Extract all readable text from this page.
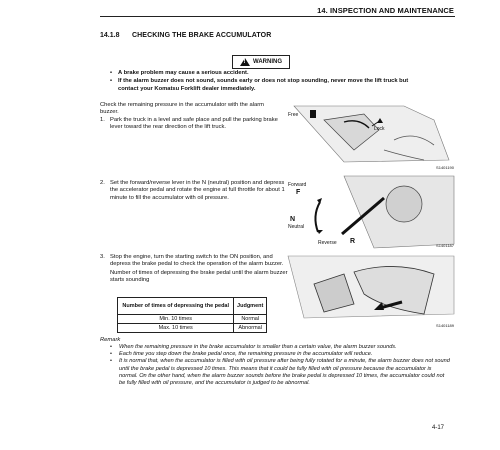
14. INSPECTION AND MAINTENANCE
14.1.8 CHECKING THE BRAKE ACCUMULATOR
!
WARNING
• A brake problem may cause a serious accident.
• If the alarm buzzer does not sound, sounds early or does not stop sounding, never move the lift truck but contact your Komatsu Forklift dealer immediately.
Check the remaining pressure in the accumulator with the alarm buzzer.
1. Park the truck in a level and safe place and pull the parking brake lever toward the rear direction of the lift truck.
2. Set the forward/reverse lever in the N (neutral) position and depress the accelerator pedal and rotate the engine at full throttle for about 1 minute to fill the accumulator with oil pressure.
3. Stop the engine, turn the starting switch to the ON position, and depress the brake pedal to check the operation of the alarm buzzer.
Number of times of depressing the brake pedal until the alarm buzzer starts sounding
Free
Lock
S1401190
Forward
F
N
Neutral
Reverse R
S1401187
S1401189
Number of times of depressing the pedal	Judgment
Min. 10 times	Normal
Max. 10 times	Abnormal
Remark
• When the remaining pressure in the brake accumulator is smaller than a certain value, the alarm buzzer sounds.
• Each time you step down the brake pedal once, the remaining pressure in the accumulator will reduce.
• It is normal that, when the accumulator is filled with oil pressure after being fully rotated for a minute, the alarm buzzer does not sound until the brake pedal is depressed 10 times. This means that it could be fully filled with oil pressure because the accumulator is normal. On the other hand, when the alarm buzzer sounds before the brake pedal is depressed 10 times, the accumulator could not be fully filled with oil pressure, and the accumulator is judged to be abnormal.
4-17
